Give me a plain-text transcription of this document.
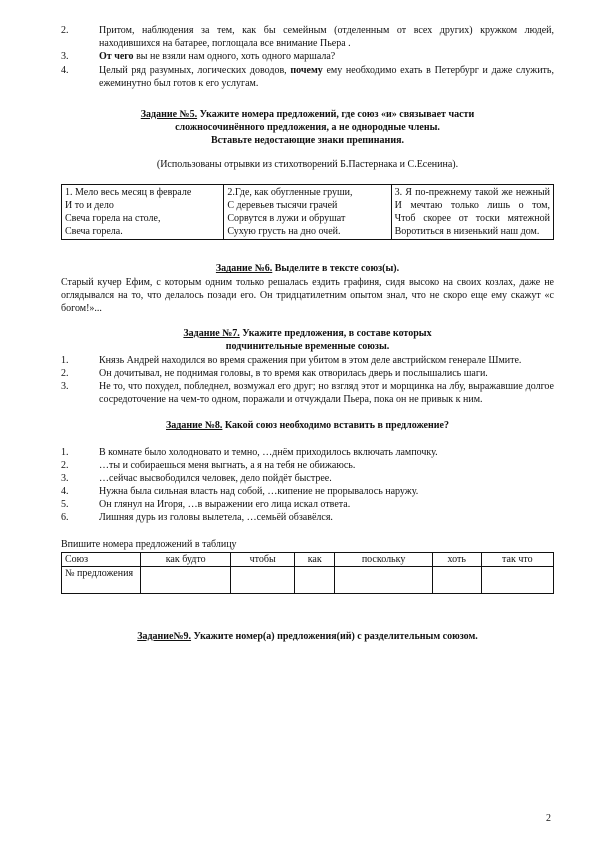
2.	Притом, наблюдения за тем, как бы семейным (отделенным от всех других) кружком людей, находившихся на батарее, поглощала все внимание Пьера .
3.	От чего вы не взяли нам одного, хоть одного маршала?
4.	Целый ряд разумных, логических доводов, почему ему необходимо ехать в Петербург и даже служить, ежеминутно был готов к его услугам.
Задание №5. Укажите номера предложений, где союз «и» связывает части сложносочинённого предложения, а не однородные члены.
Вставьте недостающие знаки препинания.
(Использованы отрывки из стихотворений Б.Пастернака и С.Есенина).
1. Мело весь месяц в феврале
И то и дело
Свеча горела на столе,
Свеча горела.

2.Где, как обугленные груши,
С деревьев тысячи грачей
Сорвутся в лужи и обрушат
Сухую грусть на дно очей.

3. Я по-прежнему такой же нежный
И мечтаю только лишь о том,
Чтоб скорее от тоски мятежной
Воротиться в низенький наш дом.
Задание №6. Выделите в тексте союз(ы).
Старый кучер Ефим, с которым одним только решалась ездить графиня, сидя высоко на своих козлах, даже не оглядывался на то, что делалось позади его. Он тридцатилетним опытом знал, что не скоро еще ему скажут «с богом!»...
Задание №7. Укажите предложения, в составе которых
подчинительные временные союзы.
1.	Князь Андрей находился во время сражения при убитом в этом деле австрийском генерале Шмите.
2.	Он дочитывал, не поднимая головы, в то время как отворилась дверь и послышались шаги.
3.	Не то, что похудел, побледнел, возмужал его друг; но взгляд этот и морщинка на лбу, выражавшие долгое сосредоточение на чем-то одном, поражали и отчуждали Пьера, пока он не привык к ним.
Задание №8. Какой союз необходимо вставить в предложение?
1.	В комнате было холодновато и темно, …днём приходилось включать лампочку.
2.	…ты и собираешься меня выгнать, а я на тебя не обижаюсь.
3.	…сейчас высвободился человек, дело пойдёт быстрее.
4.	Нужна была сильная власть над собой, …кипение не прорывалось наружу.
5.	Он глянул на Игоря, …в выражении его лица искал ответа.
6.	Лишняя дурь из головы вылетела, …семьёй обзавёлся.
Впишите номера предложений в таблицу
Союз	как будто	чтобы	как	поскольку	хоть	так что
№ предложения						
Задание№9. Укажите номер(а) предложения(ий) с разделительным союзом.
2
